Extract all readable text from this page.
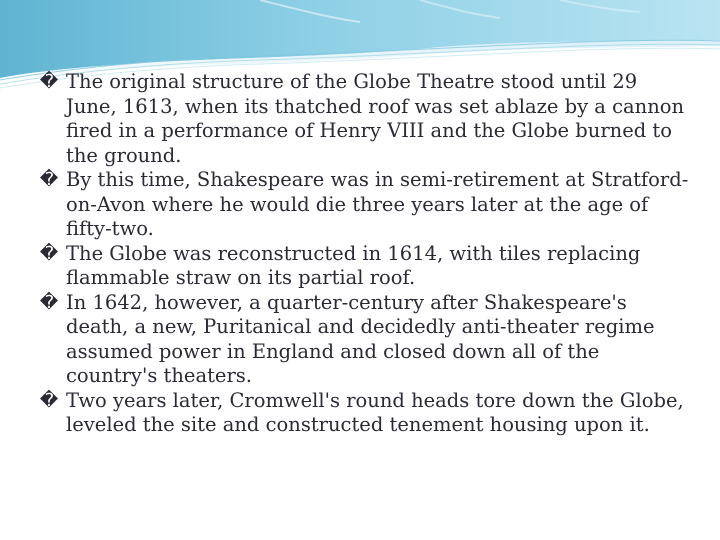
� The original structure of the Globe Theatre stood until 29 June, 1613, when its thatched roof was set ablaze by a cannon fired in a performance of Henry VIII and the Globe burned to the ground.

� By this time, Shakespeare was in semi-retirement at Stratford-on-Avon where he would die three years later at the age of fifty-two.

� The Globe was reconstructed in 1614, with tiles replacing flammable straw on its partial roof.

� In 1642, however, a quarter-century after Shakespeare's death, a new, Puritanical and decidedly anti-theater regime assumed power in England and closed down all of the country's theaters.

� Two years later, Cromwell's round heads tore down the Globe, leveled the site and constructed tenement housing upon it.
